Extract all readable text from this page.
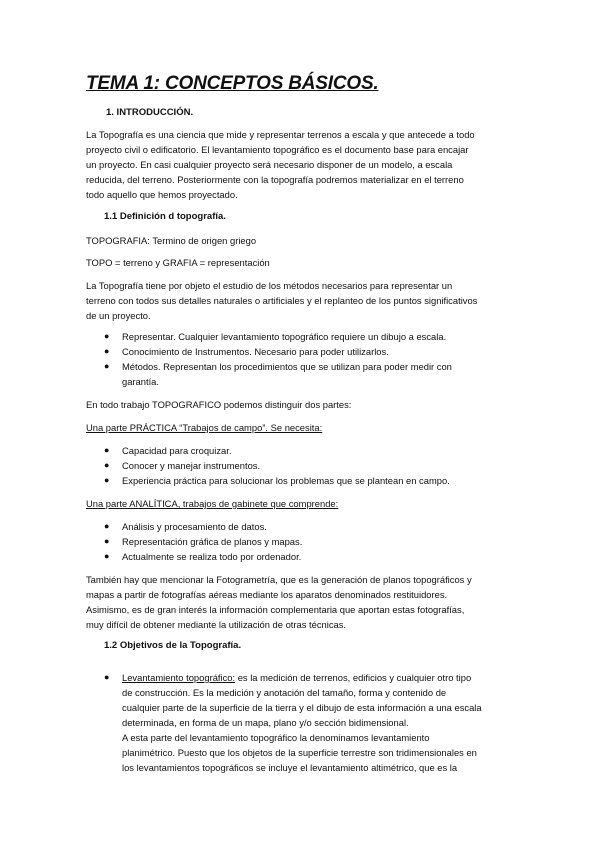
TEMA 1: CONCEPTOS BÁSICOS.
1. INTRODUCCIÓN.
La Topografía es una ciencia que mide y representar terrenos a escala y que antecede a todo
proyecto civil o edificatorio. El levantamiento topográfico es el documento base para encajar
un proyecto. En casi cualquier proyecto será necesario disponer de un modelo, a escala
reducida, del terreno. Posteriormente con la topografía podremos materializar en el terreno
todo aquello que hemos proyectado.
1.1 Definición d topografía.
TOPOGRAFIA: Termino de origen griego
TOPO = terreno y GRAFIA = representación
La Topografía tiene por objeto el estudio de los métodos necesarios para representar un
terreno con todos sus detalles naturales o artificiales y el replanteo de los puntos significativos
de un proyecto.
● Representar. Cualquier levantamiento topográfico requiere un dibujo a escala.
● Conocimiento de Instrumentos. Necesario para poder utilizarlos.
● Métodos. Representan los procedimientos que se utilizan para poder medir con
garantía.
En todo trabajo TOPOGRAFICO podemos distinguir dos partes:
Una parte PRÁCTICA “Trabajos de campo”. Se necesita:
● Capacidad para croquizar.
● Conocer y manejar instrumentos.
● Experiencia práctica para solucionar los problemas que se plantean en campo.
Una parte ANALÍTICA, trabajos de gabinete que comprende:
● Análisis y procesamiento de datos.
● Representación gráfica de planos y mapas.
● Actualmente se realiza todo por ordenador.
También hay que mencionar la Fotogrametría, que es la generación de planos topográficos y
mapas a partir de fotografías aéreas mediante los aparatos denominados restituidores.
Asimismo, es de gran interés la información complementaria que aportan estas fotografías,
muy difícil de obtener mediante la utilización de otras técnicas.
1.2 Objetivos de la Topografía.
● Levantamiento topográfico: es la medición de terrenos, edificios y cualquier otro tipo
de construcción. Es la medición y anotación del tamaño, forma y contenido de
cualquier parte de la superficie de la tierra y el dibujo de esta información a una escala
determinada, en forma de un mapa, plano y/o sección bidimensional.
A esta parte del levantamiento topográfico la denominamos levantamiento
planimétrico. Puesto que los objetos de la superficie terrestre son tridimensionales en
los levantamientos topográficos se incluye el levantamiento altimétrico, que es la
